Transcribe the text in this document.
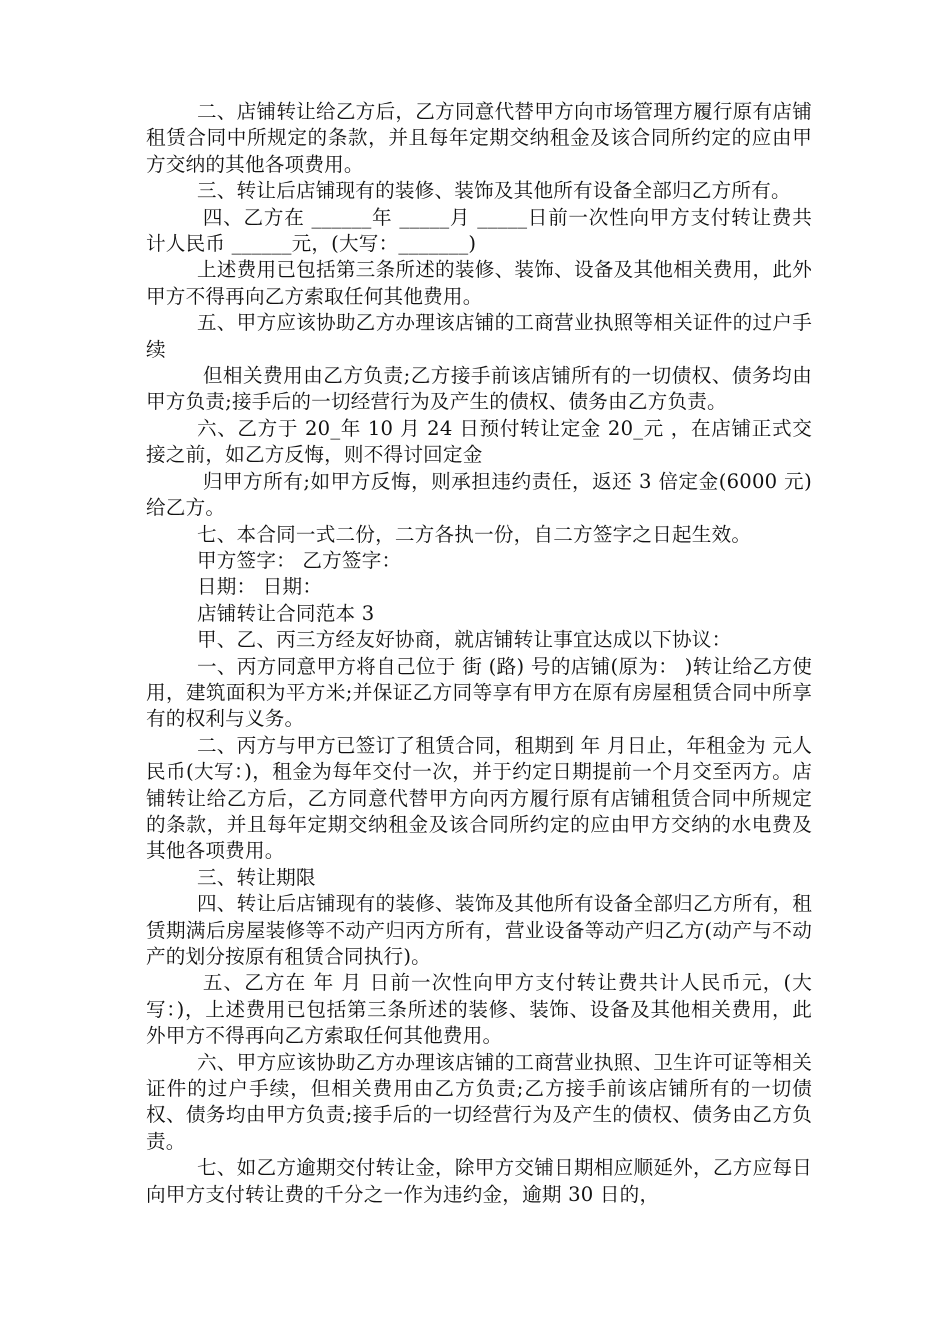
二、店铺转让给乙方后，乙方同意代替甲方向市场管理方履行原有店铺租赁合同中所规定的条款，并且每年定期交纳租金及该合同所约定的应由甲方交纳的其他各项费用。

三、转让后店铺现有的装修、装饰及其他所有设备全部归乙方所有。

四、乙方在 ______年 _____月 _____日前一次性向甲方支付转让费共计人民币 ______元，(大写：_______)

上述费用已包括第三条所述的装修、装饰、设备及其他相关费用，此外甲方不得再向乙方索取任何其他费用。

五、甲方应该协助乙方办理该店铺的工商营业执照等相关证件的过户手续

但相关费用由乙方负责;乙方接手前该店铺所有的一切债权、债务均由甲方负责;接手后的一切经营行为及产生的债权、债务由乙方负责。

六、乙方于 20_年 10 月 24 日预付转让定金 20_元 ，在店铺正式交接之前，如乙方反悔，则不得讨回定金

归甲方所有;如甲方反悔，则承担违约责任，返还 3 倍定金(6000 元)给乙方。

七、本合同一式二份，二方各执一份，自二方签字之日起生效。

甲方签字： 乙方签字：

日期： 日期：

店铺转让合同范本 3

甲、乙、丙三方经友好协商，就店铺转让事宜达成以下协议：

一、丙方同意甲方将自己位于 街 (路) 号的店铺(原为： )转让给乙方使用，建筑面积为平方米;并保证乙方同等享有甲方在原有房屋租赁合同中所享有的权利与义务。

二、丙方与甲方已签订了租赁合同，租期到 年 月日止，年租金为 元人民币(大写：)，租金为每年交付一次，并于约定日期提前一个月交至丙方。店铺转让给乙方后，乙方同意代替甲方向丙方履行原有店铺租赁合同中所规定的条款，并且每年定期交纳租金及该合同所约定的应由甲方交纳的水电费及其他各项费用。

三、转让期限

四、转让后店铺现有的装修、装饰及其他所有设备全部归乙方所有，租赁期满后房屋装修等不动产归丙方所有，营业设备等动产归乙方(动产与不动产的划分按原有租赁合同执行)。

五、乙方在 年 月 日前一次性向甲方支付转让费共计人民币元，(大写：)，上述费用已包括第三条所述的装修、装饰、设备及其他相关费用，此外甲方不得再向乙方索取任何其他费用。

六、甲方应该协助乙方办理该店铺的工商营业执照、卫生许可证等相关证件的过户手续，但相关费用由乙方负责;乙方接手前该店铺所有的一切债权、债务均由甲方负责;接手后的一切经营行为及产生的债权、债务由乙方负责。

七、如乙方逾期交付转让金，除甲方交铺日期相应顺延外，乙方应每日向甲方支付转让费的千分之一作为违约金，逾期 30 日的，
